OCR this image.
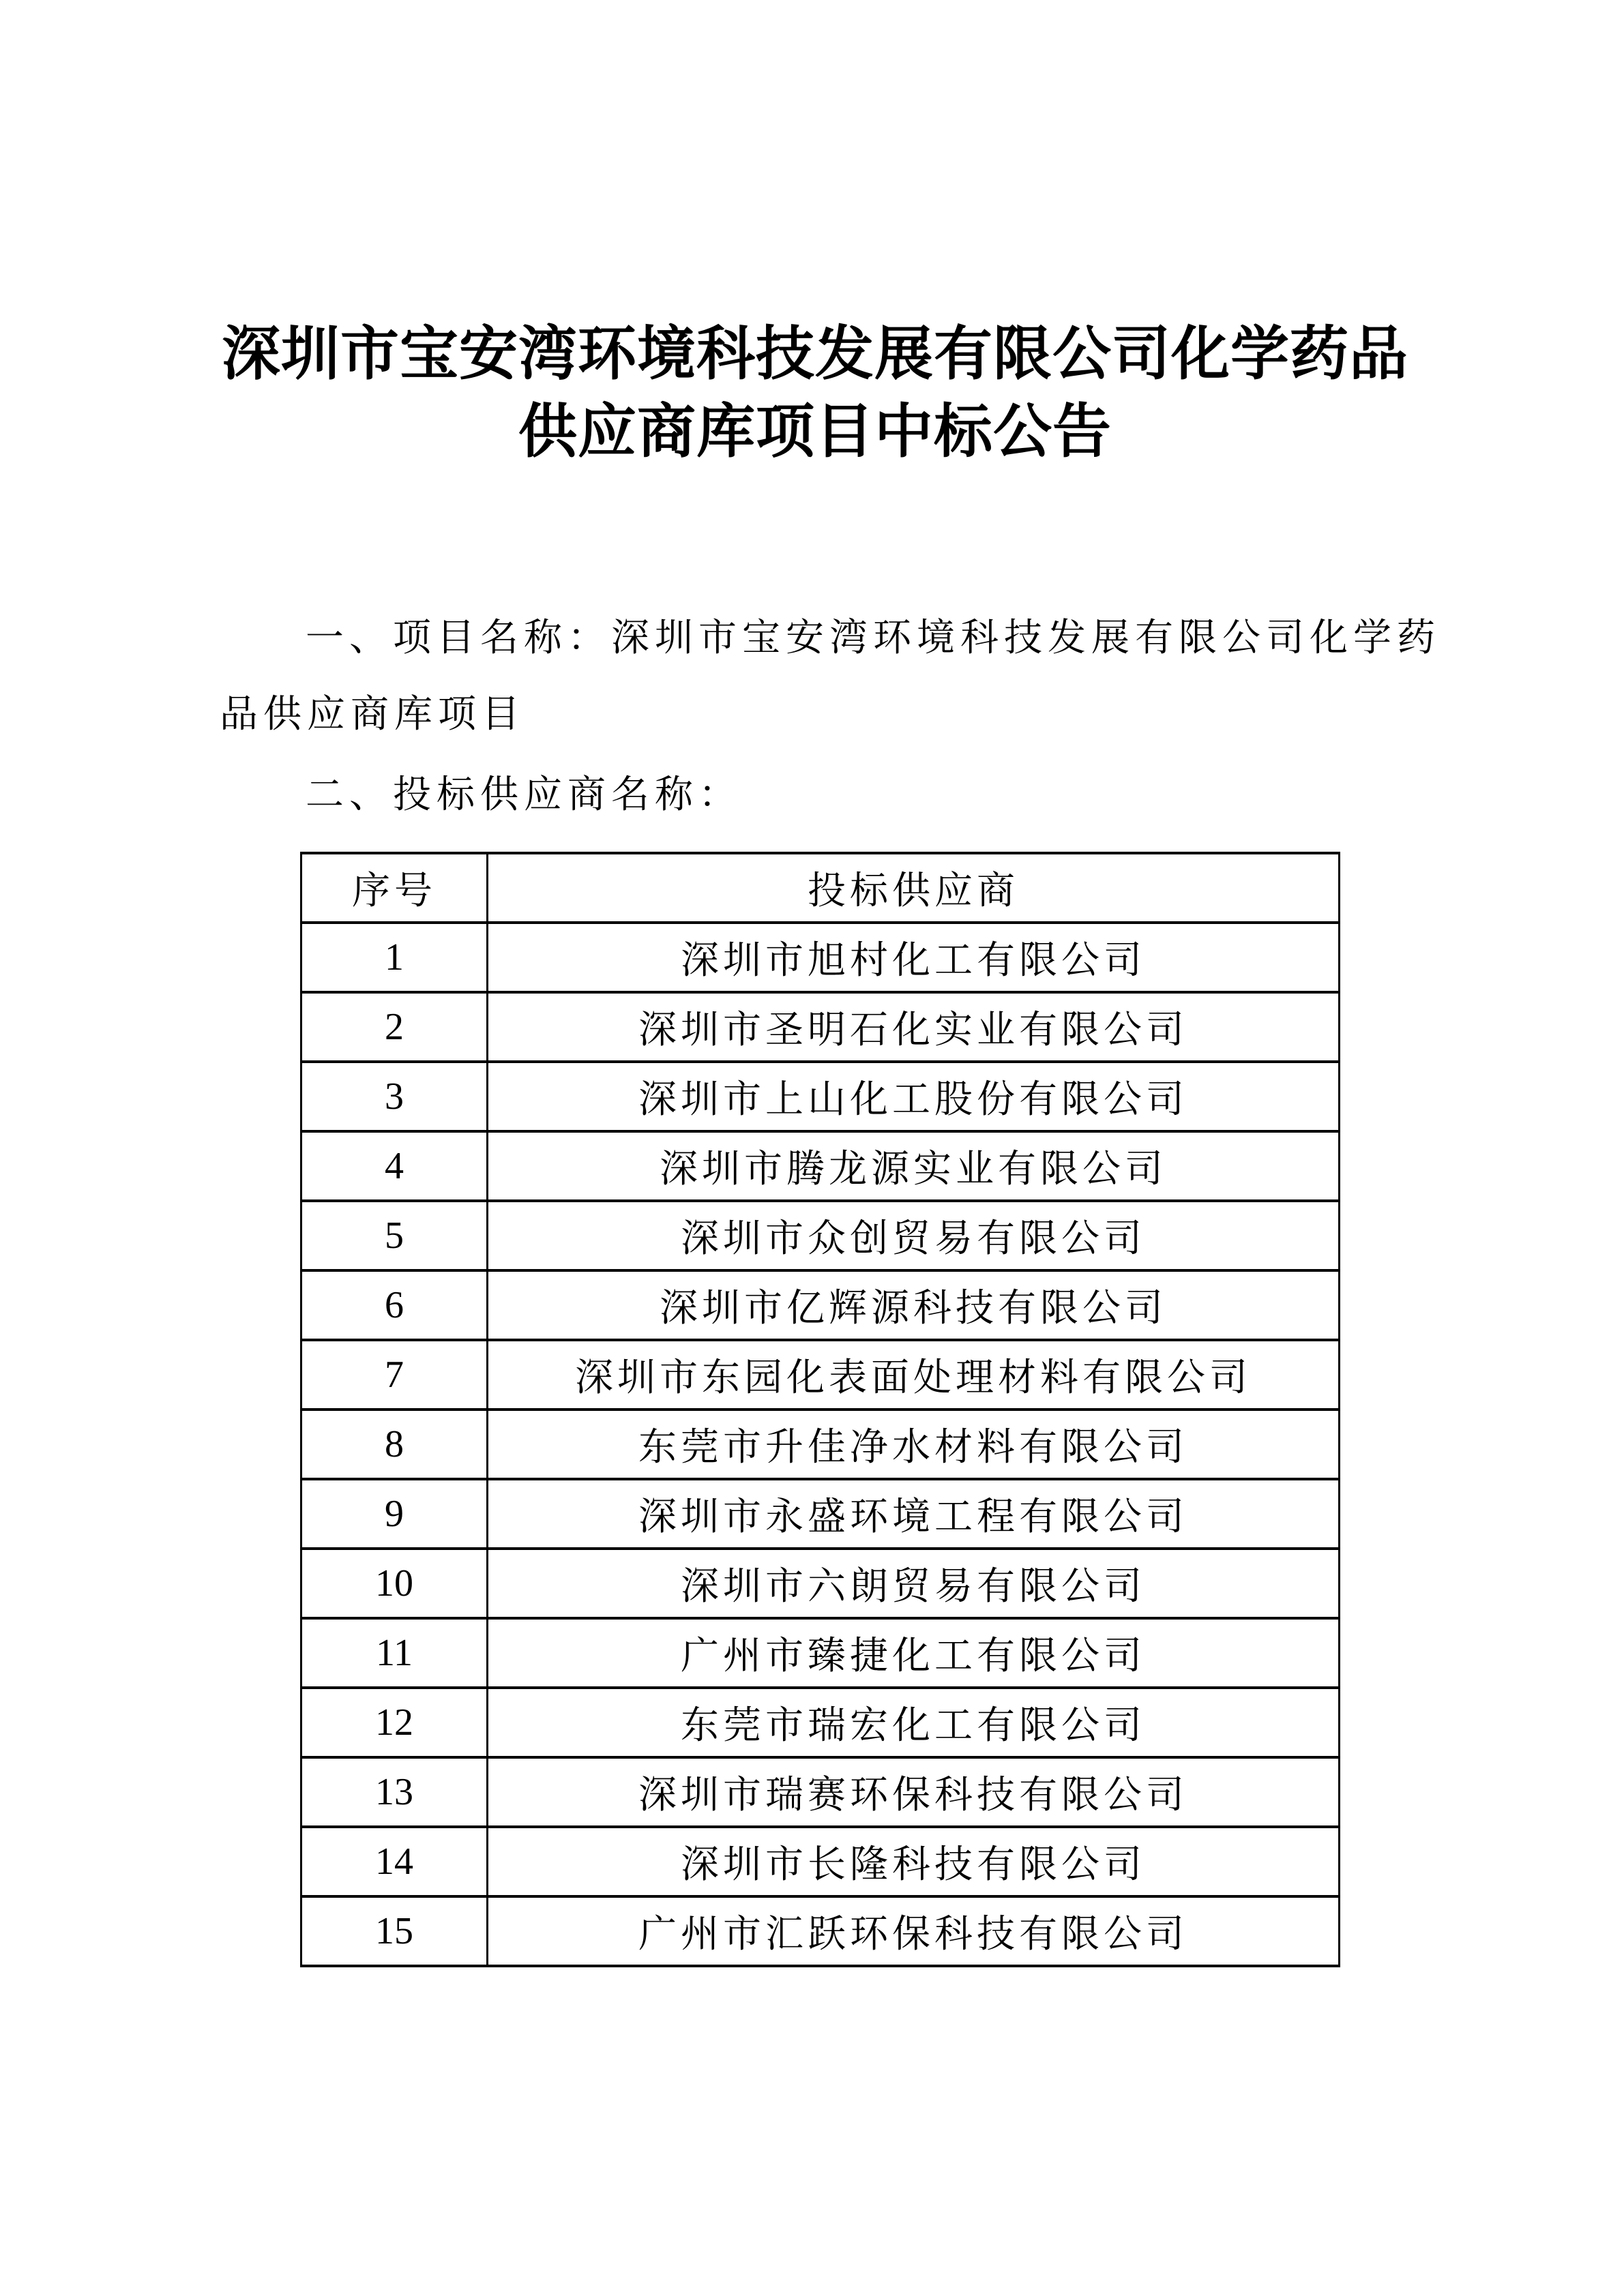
深圳市宝安湾环境科技发展有限公司化学药品
供应商库项目中标公告
一、项目名称：深圳市宝安湾环境科技发展有限公司化学药品供应商库项目
二、投标供应商名称：
序号	投标供应商
1	深圳市旭村化工有限公司
2	深圳市圣明石化实业有限公司
3	深圳市上山化工股份有限公司
4	深圳市腾龙源实业有限公司
5	深圳市众创贸易有限公司
6	深圳市亿辉源科技有限公司
7	深圳市东园化表面处理材料有限公司
8	东莞市升佳净水材料有限公司
9	深圳市永盛环境工程有限公司
10	深圳市六朗贸易有限公司
11	广州市臻捷化工有限公司
12	东莞市瑞宏化工有限公司
13	深圳市瑞赛环保科技有限公司
14	深圳市长隆科技有限公司
15	广州市汇跃环保科技有限公司
